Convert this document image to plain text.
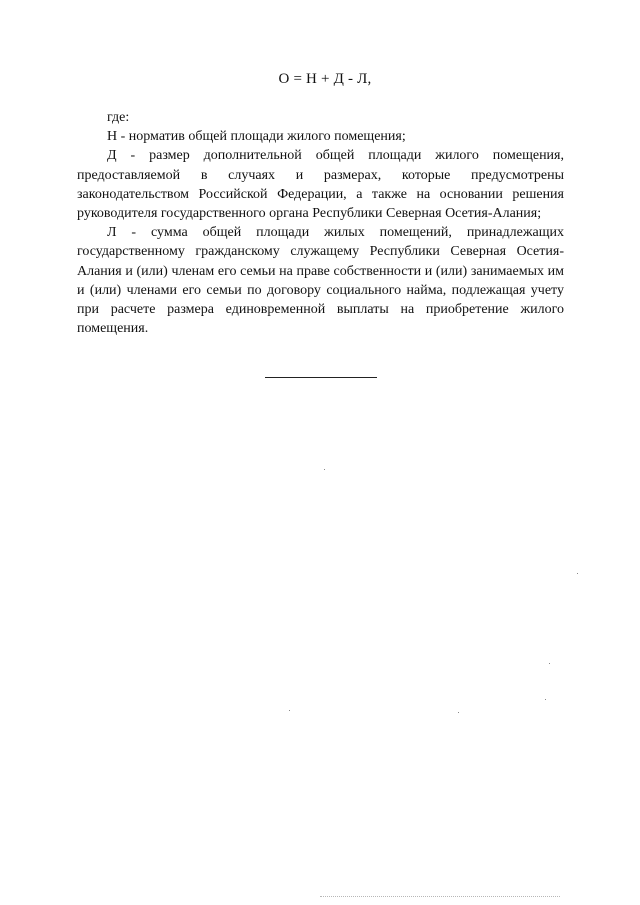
О = Н + Д - Л,

где:

Н - норматив общей площади жилого помещения;

Д - размер дополнительной общей площади жилого помещения, предоставляемой в случаях и размерах, которые предусмотрены законодательством Российской Федерации, а также на основании решения руководителя государственного органа Республики Северная Осетия-Алания;

Л - сумма общей площади жилых помещений, принадлежащих государственному гражданскому служащему Республики Северная Осетия-Алания и (или) членам его семьи на праве собственности и (или) занимаемых им и (или) членами его семьи по договору социального найма, подлежащая учету при расчете размера единовременной выплаты на приобретение жилого помещения.
